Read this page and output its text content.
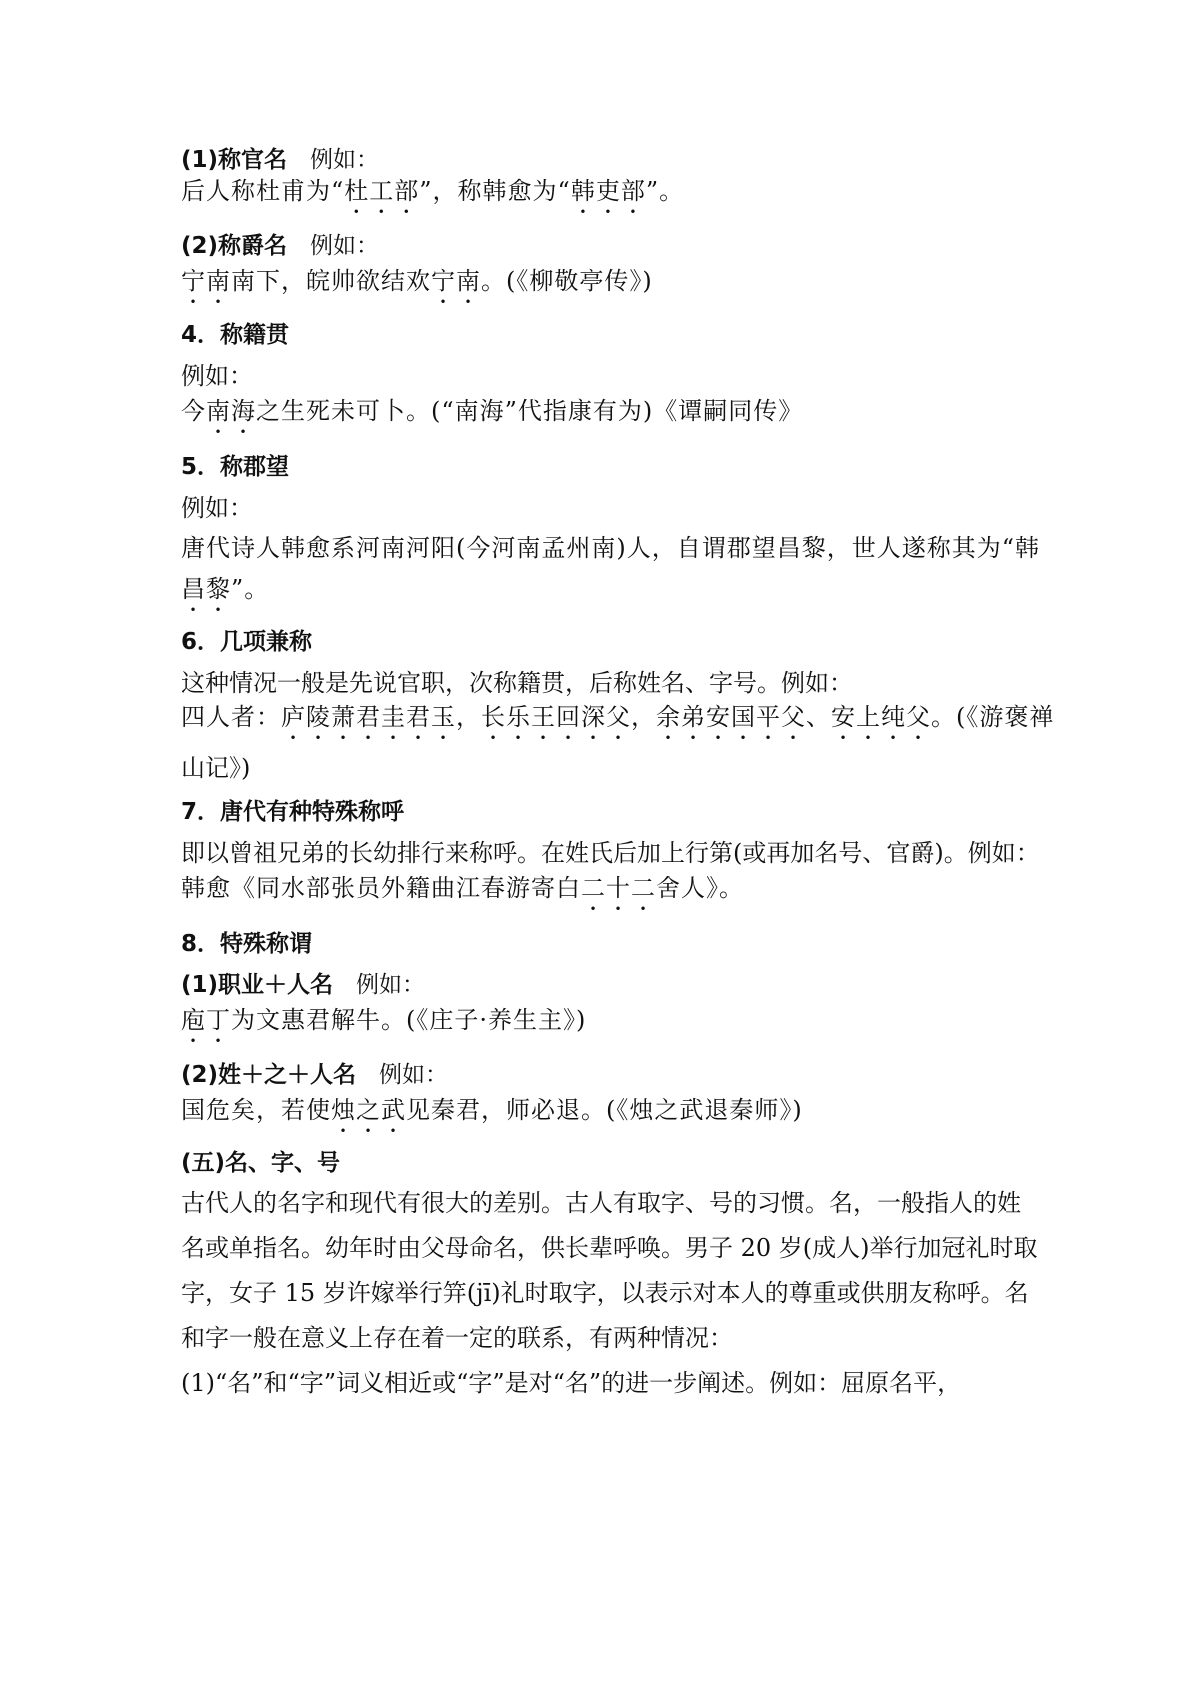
(1)称官名　例如：
后人称杜甫为“杜工部”，称韩愈为“韩吏部”。
(2)称爵名　例如：
宁南南下，皖帅欲结欢宁南。(《柳敬亭传》)
4．称籍贯
例如：
今南海之生死未可卜。(“南海”代指康有为)《谭嗣同传》
5．称郡望
例如：
唐代诗人韩愈系河南河阳(今河南孟州南)人，自谓郡望昌黎，世人遂称其为“韩
昌黎”。
6．几项兼称
这种情况一般是先说官职，次称籍贯，后称姓名、字号。例如：
四人者：庐陵萧君圭君玉，长乐王回深父，余弟安国平父、安上纯父。(《游褒禅
山记》)
7．唐代有种特殊称呼
即以曾祖兄弟的长幼排行来称呼。在姓氏后加上行第(或再加名号、官爵)。例如：
韩愈《同水部张员外籍曲江春游寄白二十二舍人》。
8．特殊称谓
(1)职业＋人名　例如：
庖丁为文惠君解牛。(《庄子·养生主》)
(2)姓＋之＋人名　例如：
国危矣，若使烛之武见秦君，师必退。(《烛之武退秦师》)
(五)名、字、号
古代人的名字和现代有很大的差别。古人有取字、号的习惯。名，一般指人的姓
名或单指名。幼年时由父母命名，供长辈呼唤。男子 20 岁(成人)举行加冠礼时取
字，女子 15 岁许嫁举行笄(jī)礼时取字，以表示对本人的尊重或供朋友称呼。名
和字一般在意义上存在着一定的联系，有两种情况：
(1)“名”和“字”词义相近或“字”是对“名”的进一步阐述。例如：屈原名平，
